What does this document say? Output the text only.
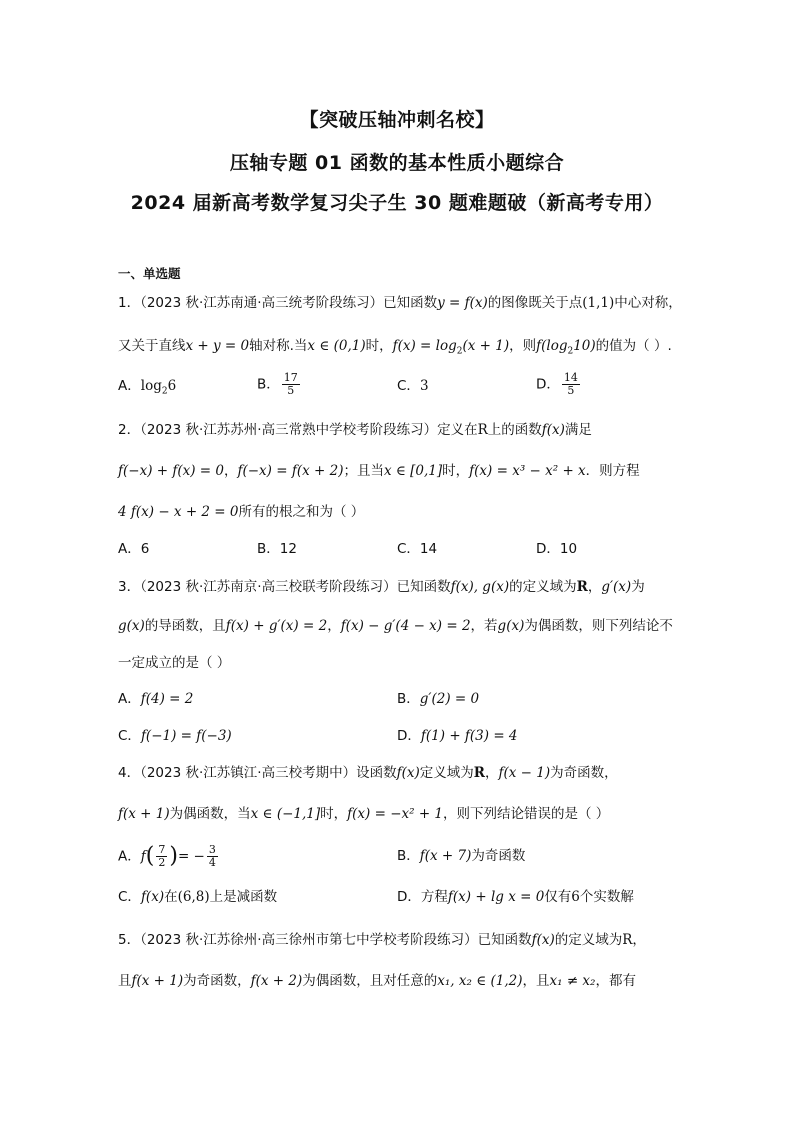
【突破压轴冲刺名校】
压轴专题 01 函数的基本性质小题综合
2024 届新高考数学复习尖子生 30 题难题破（新高考专用）
一、单选题
1．（2023 秋·江苏南通·高三统考阶段练习）已知函数y = f(x)的图像既关于点(1,1)中心对称，
又关于直线x + y = 0轴对称.当x ∈ (0,1)时，$f(x) = \log_2(x + 1)$，则$f(\log_210)$的值为（ ）.
A．$\log_26$	B． $\frac{17}{5}$	C．3	D． $\frac{14}{5}$
2．（2023 秋·江苏苏州·高三常熟中学校考阶段练习）定义在R上的函数f(x)满足
f(−x) + f(x) = 0，f(−x) = f(x + 2)；且当x ∈ [0,1]时，f(x) = x³ − x² + x．则方程
4 f(x) − x + 2 = 0所有的根之和为（ ）
A．6	B．12	C．14	D．10
3．（2023 秋·江苏南京·高三校联考阶段练习）已知函数f(x), g(x)的定义域为R，g′(x)为
g(x)的导函数，且f(x) + g′(x) = 2，f(x) − g′(4 − x) = 2，若g(x)为偶函数，则下列结论不
一定成立的是（ ）
A．f(4) = 2	B．g′(2) = 0
C．f(−1) = f(−3)	D．f(1) + f(3) = 4
4．（2023 秋·江苏镇江·高三校考期中）设函数f(x)定义域为R，f(x − 1)为奇函数，
f(x + 1)为偶函数，当x ∈ (−1,1]时，f(x) = −x² + 1，则下列结论错误的是（ ）
A．$f( \frac{7}{2}$ )= − $\frac{3}{4}$	B．f(x + 7)为奇函数
C．f(x)在(6,8)上是减函数	D．方程f(x) + lg x = 0仅有6个实数解
5．（2023 秋·江苏徐州·高三徐州市第七中学校考阶段练习）已知函数f(x)的定义域为R，
且f(x + 1)为奇函数，f(x + 2)为偶函数，且对任意的x₁, x₂ ∈ (1,2)，且x₁ ≠ x₂，都有
